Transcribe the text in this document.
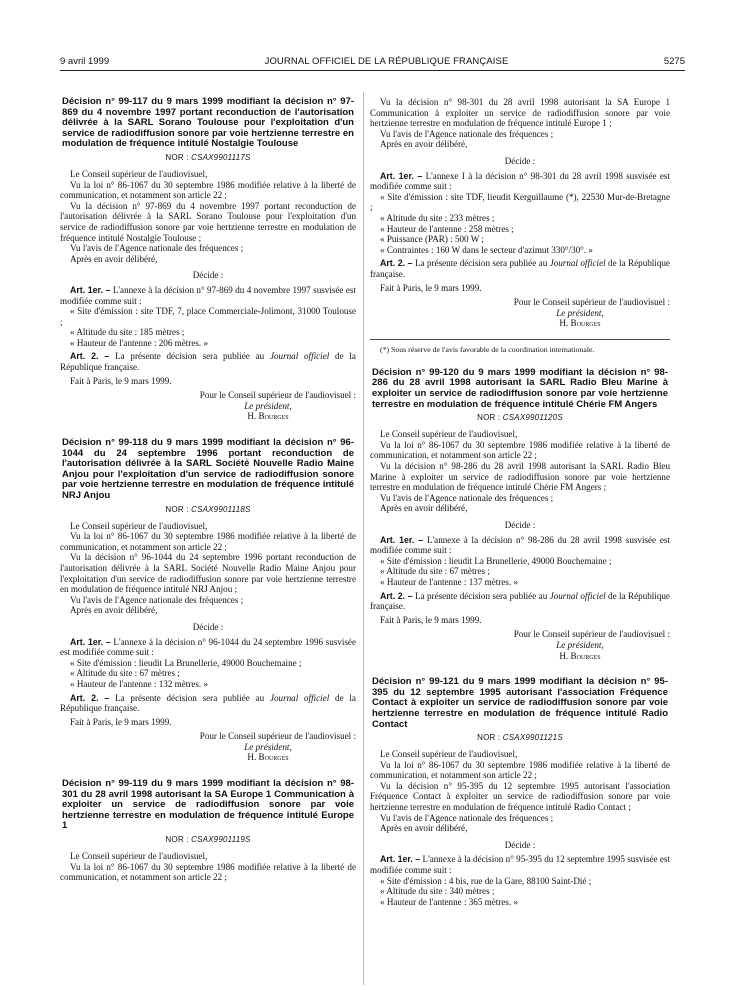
9 avril 1999	JOURNAL OFFICIEL DE LA RÉPUBLIQUE FRANÇAISE	5275
Décision n° 99-117 du 9 mars 1999 modifiant la décision n° 97-869 du 4 novembre 1997 portant reconduction de l'autorisation délivrée à la SARL Sorano Toulouse pour l'exploitation d'un service de radiodiffusion sonore par voie hertzienne terrestre en modulation de fréquence intitulé Nostalgie Toulouse
NOR : CSAX9901117S

Le Conseil supérieur de l'audiovisuel,

Vu la loi n° 86-1067 du 30 septembre 1986 modifiée relative à la liberté de communication, et notamment son article 22 ;

Vu la décision n° 97-869 du 4 novembre 1997 portant reconduction de l'autorisation délivrée à la SARL Sorano Toulouse pour l'exploitation d'un service de radiodiffusion sonore par voie hertzienne terrestre en modulation de fréquence intitulé Nostalgie Toulouse ;

Vu l'avis de l'Agence nationale des fréquences ;

Après en avoir délibéré,

Décide :

Art. 1er. – L'annexe à la décision n° 97-869 du 4 novembre 1997 susvisée est modifiée comme suit :

« Site d'émission : site TDF, 7, place Commerciale-Jolimont, 31000 Toulouse ;

« Altitude du site : 185 mètres ;

« Hauteur de l'antenne : 206 mètres. »

Art. 2. – La présente décision sera publiée au Journal officiel de la République française.

Fait à Paris, le 9 mars 1999.

Pour le Conseil supérieur de l'audiovisuel :

Le président,

H. Bourges

Décision n° 99-118 du 9 mars 1999 modifiant la décision n° 96-1044 du 24 septembre 1996 portant reconduction de l'autorisation délivrée à la SARL Société Nouvelle Radio Maine Anjou pour l'exploitation d'un service de radiodiffusion sonore par voie hertzienne terrestre en modulation de fréquence intitulé NRJ Anjou
NOR : CSAX9901118S

Le Conseil supérieur de l'audiovisuel,

Vu la loi n° 86-1067 du 30 septembre 1986 modifiée relative à la liberté de communication, et notamment son article 22 ;

Vu la décision n° 96-1044 du 24 septembre 1996 portant reconduction de l'autorisation délivrée à la SARL Société Nouvelle Radio Maine Anjou pour l'exploitation d'un service de radiodiffusion sonore par voie hertzienne terrestre en modulation de fréquence intitulé NRJ Anjou ;

Vu l'avis de l'Agence nationale des fréquences ;

Après en avoir délibéré,

Décide :

Art. 1er. – L'annexe à la décision n° 96-1044 du 24 septembre 1996 susvisée est modifiée comme suit :

« Site d'émission : lieudit La Brunellerie, 49000 Bouchemaine ;

« Altitude du site : 67 mètres ;

« Hauteur de l'antenne : 132 mètres. »

Art. 2. – La présente décision sera publiée au Journal officiel de la République française.

Fait à Paris, le 9 mars 1999.

Pour le Conseil supérieur de l'audiovisuel :

Le président,

H. Bourges

Décision n° 99-119 du 9 mars 1999 modifiant la décision n° 98-301 du 28 avril 1998 autorisant la SA Europe 1 Communication à exploiter un service de radiodiffusion sonore par voie hertzienne terrestre en modulation de fréquence intitulé Europe 1
NOR : CSAX9901119S

Le Conseil supérieur de l'audiovisuel,

Vu la loi n° 86-1067 du 30 septembre 1986 modifiée relative à la liberté de communication, et notamment son article 22 ;

Vu la décision n° 98-301 du 28 avril 1998 autorisant la SA Europe 1 Communication à exploiter un service de radiodiffusion sonore par voie hertzienne terrestre en modulation de fréquence intitulé Europe 1 ;

Vu l'avis de l'Agence nationale des fréquences ;

Après en avoir délibéré,

Décide :

Art. 1er. – L'annexe I à la décision n° 98-301 du 28 avril 1998 susvisée est modifiée comme suit :

« Site d'émission : site TDF, lieudit Kerguillaume (*), 22530 Mur-de-Bretagne ;

« Altitude du site : 233 mètres ;

« Hauteur de l'antenne : 258 mètres ;

« Puissance (PAR) : 500 W ;

« Contraintes : 160 W dans le secteur d'azimut 330°/30°. »

Art. 2. – La présente décision sera publiée au Journal officiel de la République française.

Fait à Paris, le 9 mars 1999.

Pour le Conseil supérieur de l'audiovisuel :

Le président,

H. Bourges

(*) Sous réserve de l'avis favorable de la coordination internationale.

Décision n° 99-120 du 9 mars 1999 modifiant la décision n° 98-286 du 28 avril 1998 autorisant la SARL Radio Bleu Marine à exploiter un service de radiodiffusion sonore par voie hertzienne terrestre en modulation de fréquence intitulé Chérie FM Angers
NOR : CSAX9901120S

Le Conseil supérieur de l'audiovisuel,

Vu la loi n° 86-1067 du 30 septembre 1986 modifiée relative à la liberté de communication, et notamment son article 22 ;

Vu la décision n° 98-286 du 28 avril 1998 autorisant la SARL Radio Bleu Marine à exploiter un service de radiodiffusion sonore par voie hertzienne terrestre en modulation de fréquence intitulé Chérie FM Angers ;

Vu l'avis de l'Agence nationale des fréquences ;

Après en avoir délibéré,

Décide :

Art. 1er. – L'annexe à la décision n° 98-286 du 28 avril 1998 susvisée est modifiée comme suit :

« Site d'émission : lieudit La Brunellerie, 49000 Bouchemaine ;

« Altitude du site : 67 mètres ;

« Hauteur de l'antenne : 137 mètres. »

Art. 2. – La présente décision sera publiée au Journal officiel de la République française.

Fait à Paris, le 9 mars 1999.

Pour le Conseil supérieur de l'audiovisuel :

Le président,

H. Bourges

Décision n° 99-121 du 9 mars 1999 modifiant la décision n° 95-395 du 12 septembre 1995 autorisant l'association Fréquence Contact à exploiter un service de radiodiffusion sonore par voie hertzienne terrestre en modulation de fréquence intitulé Radio Contact
NOR : CSAX9901121S

Le Conseil supérieur de l'audiovisuel,

Vu la loi n° 86-1067 du 30 septembre 1986 modifiée relative à la liberté de communication, et notamment son article 22 ;

Vu la décision n° 95-395 du 12 septembre 1995 autorisant l'association Fréquence Contact à exploiter un service de radiodiffusion sonore par voie hertzienne terrestre en modulation de fréquence intitulé Radio Contact ;

Vu l'avis de l'Agence nationale des fréquences ;

Après en avoir délibéré,

Décide :

Art. 1er. – L'annexe à la décision n° 95-395 du 12 septembre 1995 susvisée est modifiée comme suit :

« Site d'émission : 4 bis, rue de la Gare, 88100 Saint-Dié ;

« Altitude du site : 340 mètres ;

« Hauteur de l'antenne : 365 mètres. »
